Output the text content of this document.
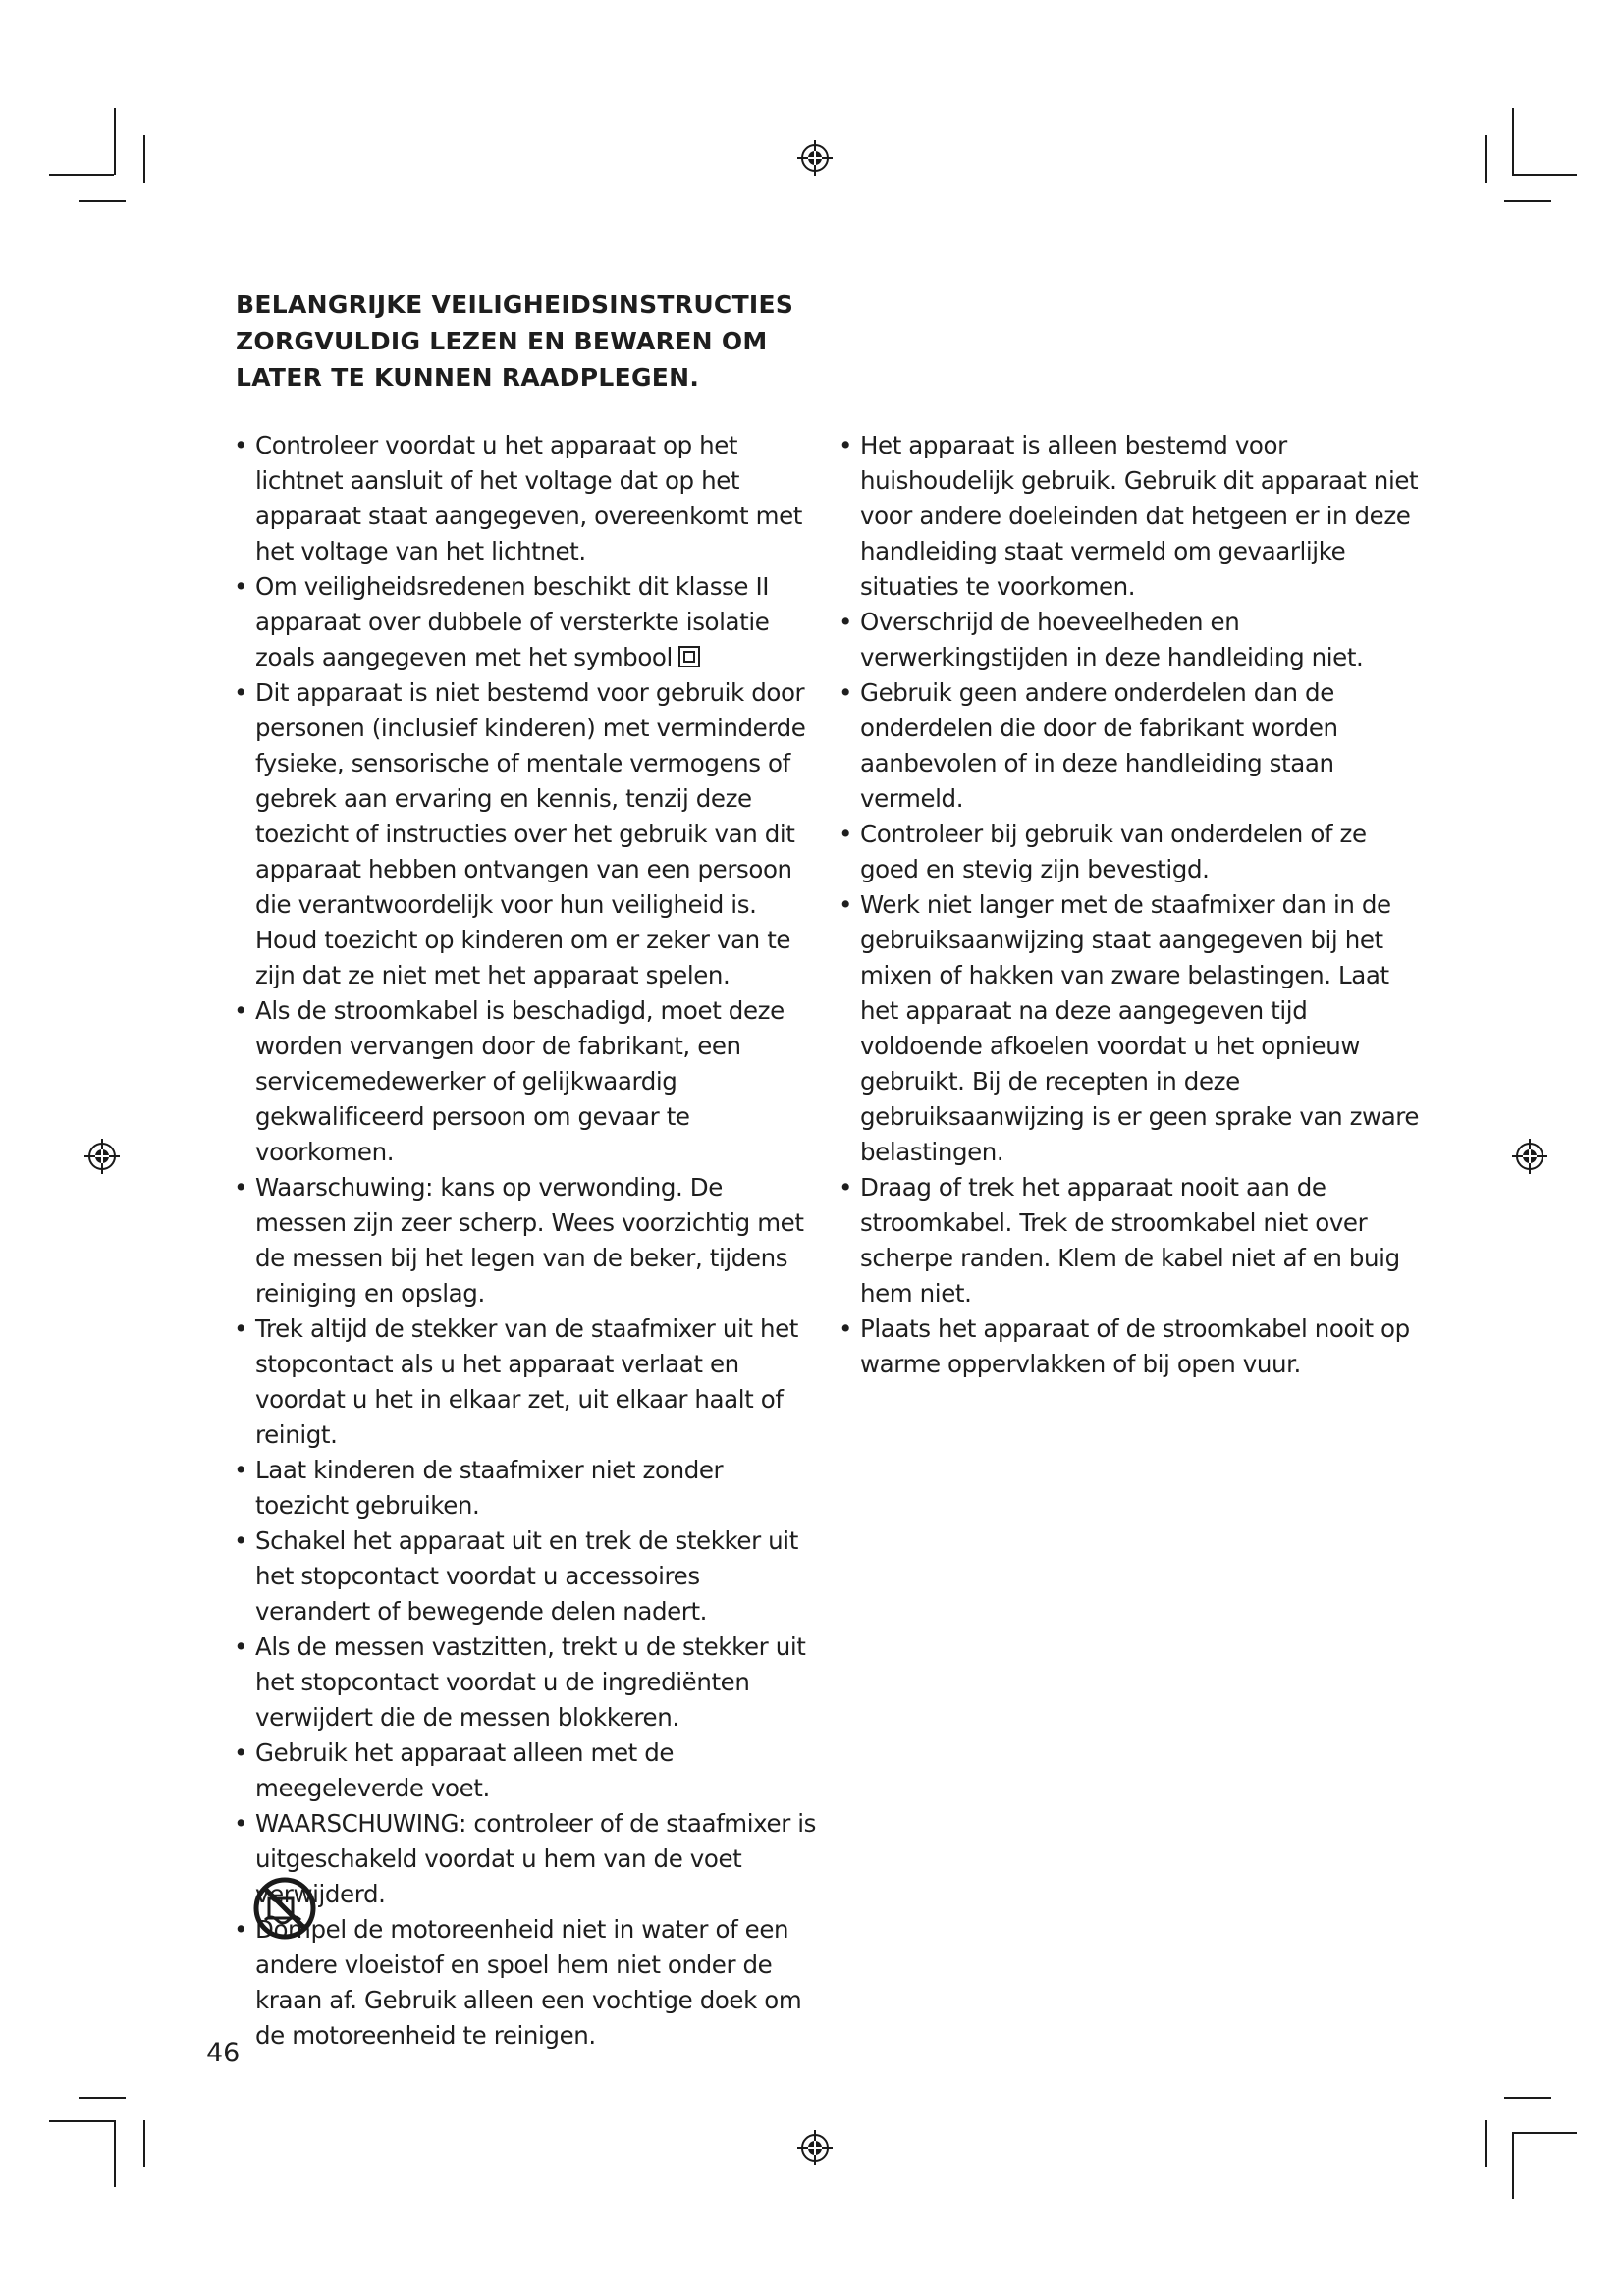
BELANGRIJKE VEILIGHEIDSINSTRUCTIES
ZORGVULDIG LEZEN EN BEWAREN OM
LATER TE KUNNEN RAADPLEGEN.
• Controleer voordat u het apparaat op het lichtnet aansluit of het voltage dat op het apparaat staat aangegeven, overeenkomt met het voltage van het lichtnet.
• Om veiligheidsredenen beschikt dit klasse II apparaat over dubbele of versterkte isolatie zoals aangegeven met het symbool
• Dit apparaat is niet bestemd voor gebruik door personen (inclusief kinderen) met verminderde fysieke, sensorische of mentale vermogens of gebrek aan ervaring en kennis, tenzij deze toezicht of instructies over het gebruik van dit apparaat hebben ontvangen van een persoon die verantwoordelijk voor hun veiligheid is. Houd toezicht op kinderen om er zeker van te zijn dat ze niet met het apparaat spelen.
• Als de stroomkabel is beschadigd, moet deze worden vervangen door de fabrikant, een servicemedewerker of gelijkwaardig gekwalificeerd persoon om gevaar te voorkomen.
• Waarschuwing: kans op verwonding. De messen zijn zeer scherp. Wees voorzichtig met de messen bij het legen van de beker, tijdens reiniging en opslag.
• Trek altijd de stekker van de staafmixer uit het stopcontact als u het apparaat verlaat en voordat u het in elkaar zet, uit elkaar haalt of reinigt.
• Laat kinderen de staafmixer niet zonder toezicht gebruiken.
• Schakel het apparaat uit en trek de stekker uit het stopcontact voordat u accessoires verandert of bewegende delen nadert.
• Als de messen vastzitten, trekt u de stekker uit het stopcontact voordat u de ingrediënten verwijdert die de messen blokkeren.
• Gebruik het apparaat alleen met de meegeleverde voet.
• WAARSCHUWING: controleer of de staafmixer is uitgeschakeld voordat u hem van de voet verwijderd.
• Dompel de motoreenheid niet in water of een andere vloeistof en spoel hem niet onder de kraan af. Gebruik alleen een vochtige doek om de motoreenheid te reinigen.
• Het apparaat is alleen bestemd voor huishoudelijk gebruik. Gebruik dit apparaat niet voor andere doeleinden dat hetgeen er in deze handleiding staat vermeld om gevaarlijke situaties te voorkomen.
• Overschrijd de hoeveelheden en verwerkingstijden in deze handleiding niet.
• Gebruik geen andere onderdelen dan de onderdelen die door de fabrikant worden aanbevolen of in deze handleiding staan vermeld.
• Controleer bij gebruik van onderdelen of ze goed en stevig zijn bevestigd.
• Werk niet langer met de staafmixer dan in de gebruiksaanwijzing staat aangegeven bij het mixen of hakken van zware belastingen. Laat het apparaat na deze aangegeven tijd voldoende afkoelen voordat u het opnieuw gebruikt. Bij de recepten in deze gebruiksaanwijzing is er geen sprake van zware belastingen.
• Draag of trek het apparaat nooit aan de stroomkabel. Trek de stroomkabel niet over scherpe randen. Klem de kabel niet af en buig hem niet.
• Plaats het apparaat of de stroomkabel nooit op warme oppervlakken of bij open vuur.
46
